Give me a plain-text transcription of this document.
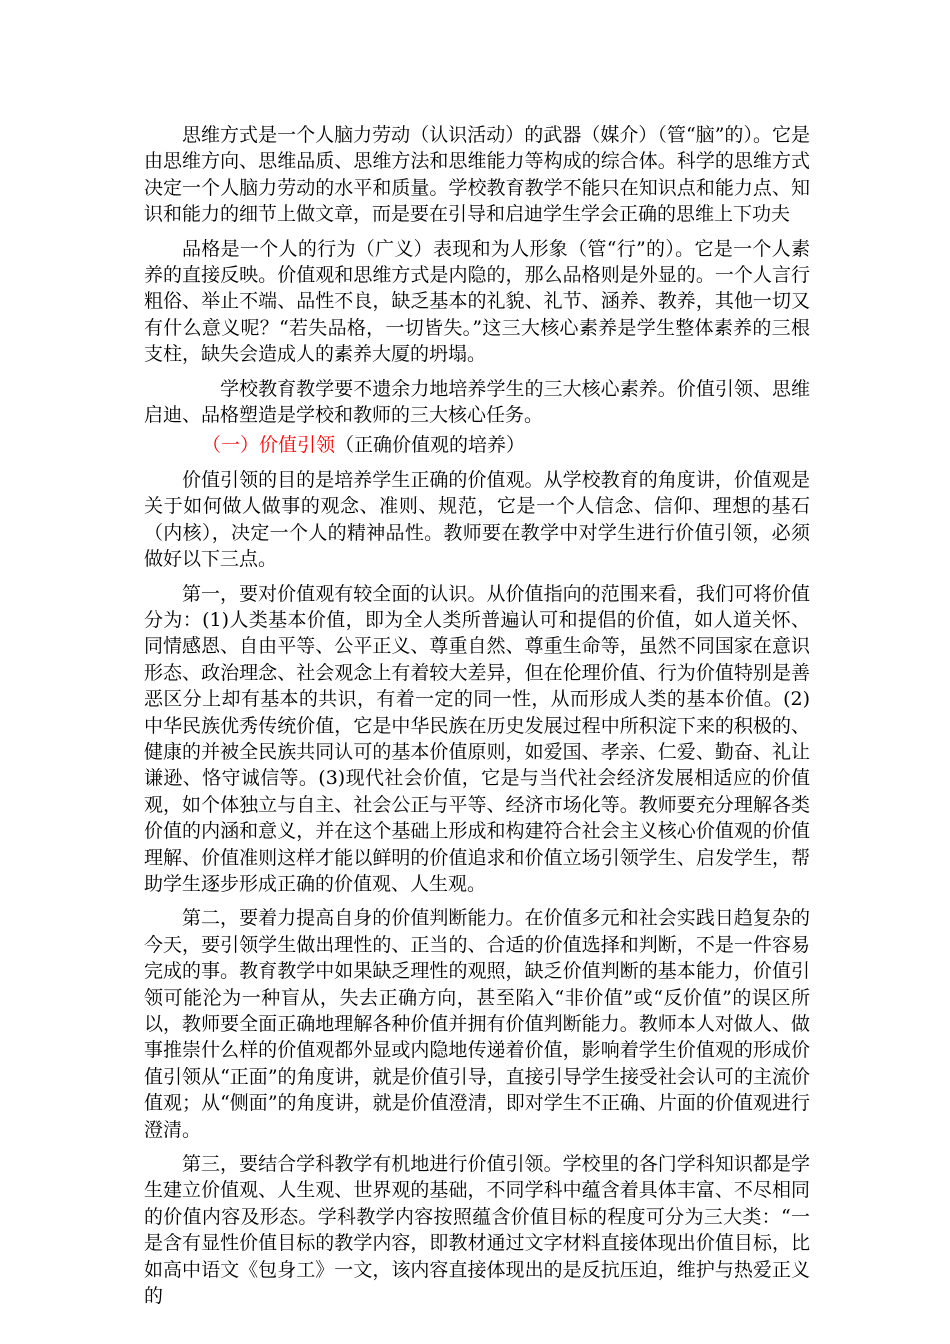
思维方式是一个人脑力劳动（认识活动）的武器（媒介）（管“脑”的）。它是由思维方向、思维品质、思维方法和思维能力等构成的综合体。科学的思维方式决定一个人脑力劳动的水平和质量。学校教育教学不能只在知识点和能力点、知识和能力的细节上做文章，而是要在引导和启迪学生学会正确的思维上下功夫

品格是一个人的行为（广义）表现和为人形象（管“行”的）。它是一个人素养的直接反映。价值观和思维方式是内隐的，那么品格则是外显的。一个人言行粗俗、举止不端、品性不良，缺乏基本的礼貌、礼节、涵养、教养，其他一切又有什么意义呢？“若失品格，一切皆失。”这三大核心素养是学生整体素养的三根支柱，缺失会造成人的素养大厦的坍塌。

学校教育教学要不遗余力地培养学生的三大核心素养。价值引领、思维启迪、品格塑造是学校和教师的三大核心任务。

（一）价值引领（正确价值观的培养）

价值引领的目的是培养学生正确的价值观。从学校教育的角度讲，价值观是关于如何做人做事的观念、准则、规范，它是一个人信念、信仰、理想的基石（内核），决定一个人的精神品性。教师要在教学中对学生进行价值引领，必须做好以下三点。

第一，要对价值观有较全面的认识。从价值指向的范围来看，我们可将价值分为：(1)人类基本价值，即为全人类所普遍认可和提倡的价值，如人道关怀、同情感恩、自由平等、公平正义、尊重自然、尊重生命等，虽然不同国家在意识形态、政治理念、社会观念上有着较大差异，但在伦理价值、行为价值特别是善恶区分上却有基本的共识，有着一定的同一性，从而形成人类的基本价值。(2)中华民族优秀传统价值，它是中华民族在历史发展过程中所积淀下来的积极的、健康的并被全民族共同认可的基本价值原则，如爱国、孝亲、仁爱、勤奋、礼让谦逊、恪守诚信等。(3)现代社会价值，它是与当代社会经济发展相适应的价值观，如个体独立与自主、社会公正与平等、经济市场化等。教师要充分理解各类价值的内涵和意义，并在这个基础上形成和构建符合社会主义核心价值观的价值理解、价值准则这样才能以鲜明的价值追求和价值立场引领学生、启发学生，帮助学生逐步形成正确的价值观、人生观。

第二，要着力提高自身的价值判断能力。在价值多元和社会实践日趋复杂的今天，要引领学生做出理性的、正当的、合适的价值选择和判断，不是一件容易完成的事。教育教学中如果缺乏理性的观照，缺乏价值判断的基本能力，价值引领可能沦为一种盲从，失去正确方向，甚至陷入“非价值”或“反价值”的误区所以，教师要全面正确地理解各种价值并拥有价值判断能力。教师本人对做人、做事推崇什么样的价值观都外显或内隐地传递着价值，影响着学生价值观的形成价值引领从“正面”的角度讲，就是价值引导，直接引导学生接受社会认可的主流价值观；从“侧面”的角度讲，就是价值澄清，即对学生不正确、片面的价值观进行澄清。

第三，要结合学科教学有机地进行价值引领。学校里的各门学科知识都是学生建立价值观、人生观、世界观的基础，不同学科中蕴含着具体丰富、不尽相同的价值内容及形态。学科教学内容按照蕴含价值目标的程度可分为三大类：“一是含有显性价值目标的教学内容，即教材通过文字材料直接体现出价值目标，比如高中语文《包身工》一文，该内容直接体现出的是反抗压迫，维护与热爱正义的
